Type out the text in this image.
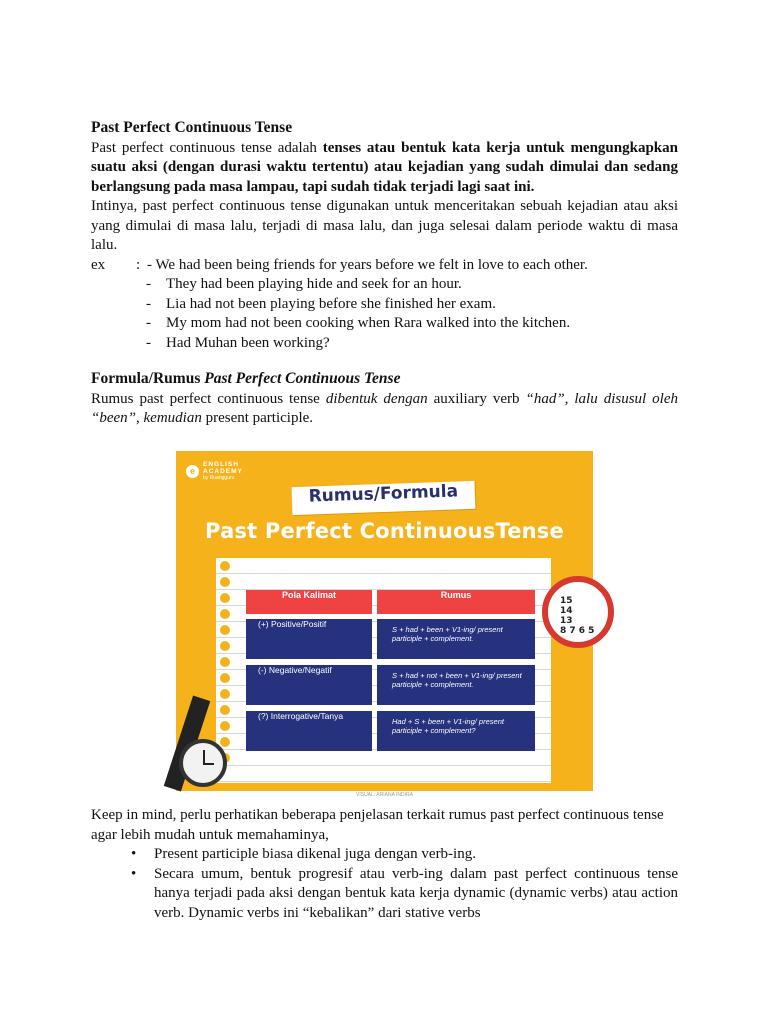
Past Perfect Continuous Tense

Past perfect continuous tense adalah tenses atau bentuk kata kerja untuk mengungkapkan suatu aksi (dengan durasi waktu tertentu) atau kejadian yang sudah dimulai dan sedang berlangsung pada masa lampau, tapi sudah tidak terjadi lagi saat ini.

Intinya, past perfect continuous tense digunakan untuk menceritakan sebuah kejadian atau aksi yang dimulai di masa lalu, terjadi di masa lalu, dan juga selesai dalam periode waktu di masa lalu.

ex : - We had been being friends for years before we felt in love to each other.
- They had been playing hide and seek for an hour.
- Lia had not been playing before she finished her exam.
- My mom had not been cooking when Rara walked into the kitchen.
- Had Muhan been working?

Formula/Rumus Past Perfect Continuous Tense

Rumus past perfect continuous tense dibentuk dengan auxiliary verb “had”, lalu disusul oleh “been”, kemudian present participle.

e
ENGLISH
ACADEMY
by Ruangguru
Rumus/Formula
Past Perfect ContinuousTense
Pola Kalimat	Rumus
(+) Positive/Positif
S + had + been + V1-ing/ present participle + complement.
(-) Negative/Negatif
S + had + not + been + V1-ing/ present participle + complement.
(?) Interrogative/Tanya
Had + S + been + V1-ing/ present participle + complement?
15
14
13
8 7 6 5
VISUAL: ARIANA INDIRA

Keep in mind, perlu perhatikan beberapa penjelasan terkait rumus past perfect continuous tense agar lebih mudah untuk memahaminya,

• Present participle biasa dikenal juga dengan verb-ing.
• Secara umum, bentuk progresif atau verb-ing dalam past perfect continuous tense hanya terjadi pada aksi dengan bentuk kata kerja dynamic (dynamic verbs) atau action verb. Dynamic verbs ini “kebalikan” dari stative verbs
